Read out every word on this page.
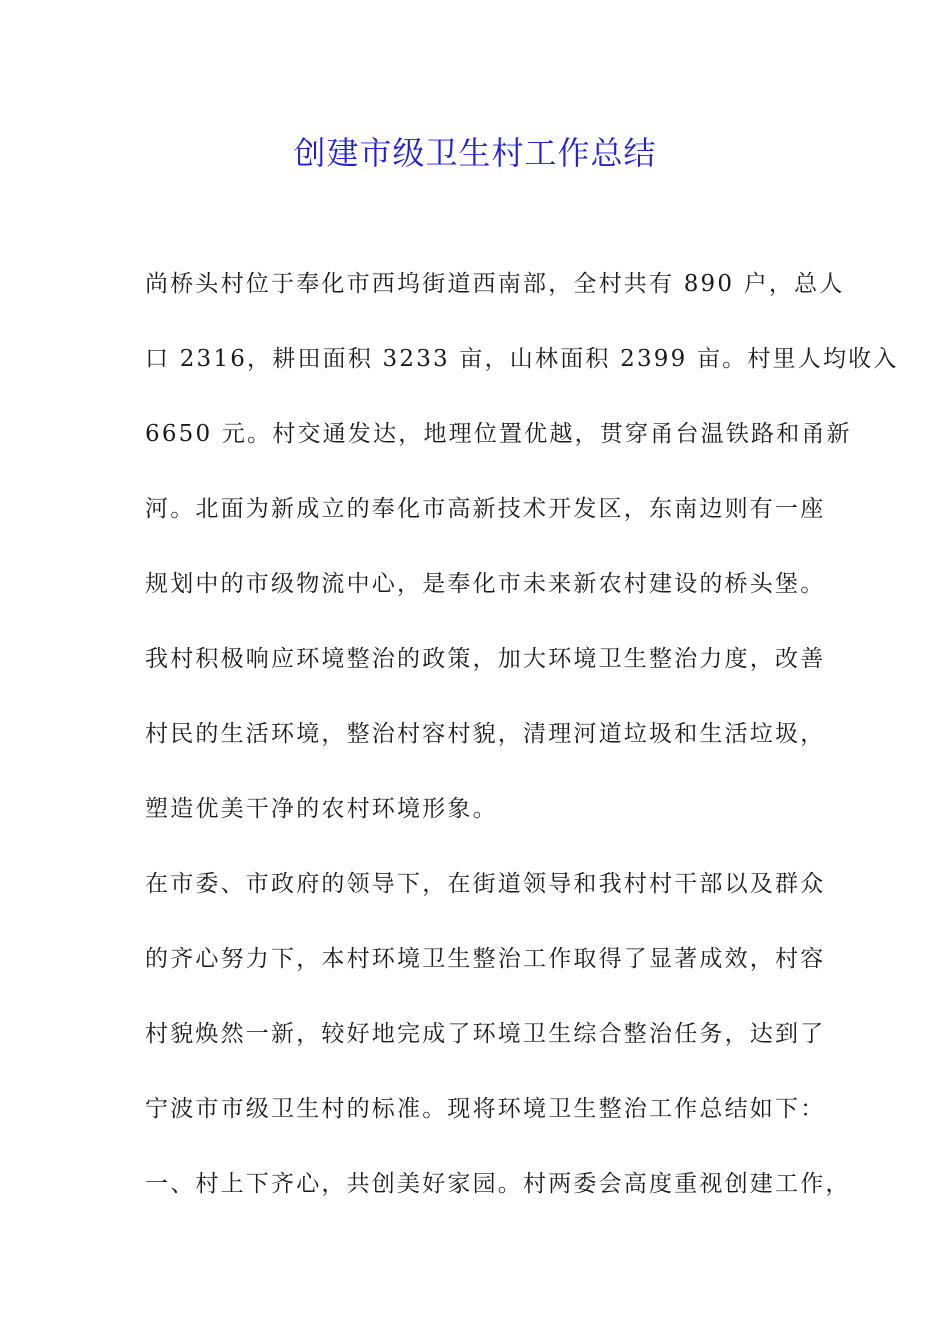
创建市级卫生村工作总结

尚桥头村位于奉化市西坞街道西南部，全村共有 890 户，总人

口 2316，耕田面积 3233 亩，山林面积 2399 亩。村里人均收入

6650 元。村交通发达，地理位置优越，贯穿甬台温铁路和甬新

河。北面为新成立的奉化市高新技术开发区，东南边则有一座

规划中的市级物流中心，是奉化市未来新农村建设的桥头堡。

我村积极响应环境整治的政策，加大环境卫生整治力度，改善

村民的生活环境，整治村容村貌，清理河道垃圾和生活垃圾，

塑造优美干净的农村环境形象。

在市委、市政府的领导下，在街道领导和我村村干部以及群众

的齐心努力下，本村环境卫生整治工作取得了显著成效，村容

村貌焕然一新，较好地完成了环境卫生综合整治任务，达到了

宁波市市级卫生村的标准。现将环境卫生整治工作总结如下：

一、村上下齐心，共创美好家园。村两委会高度重视创建工作，
